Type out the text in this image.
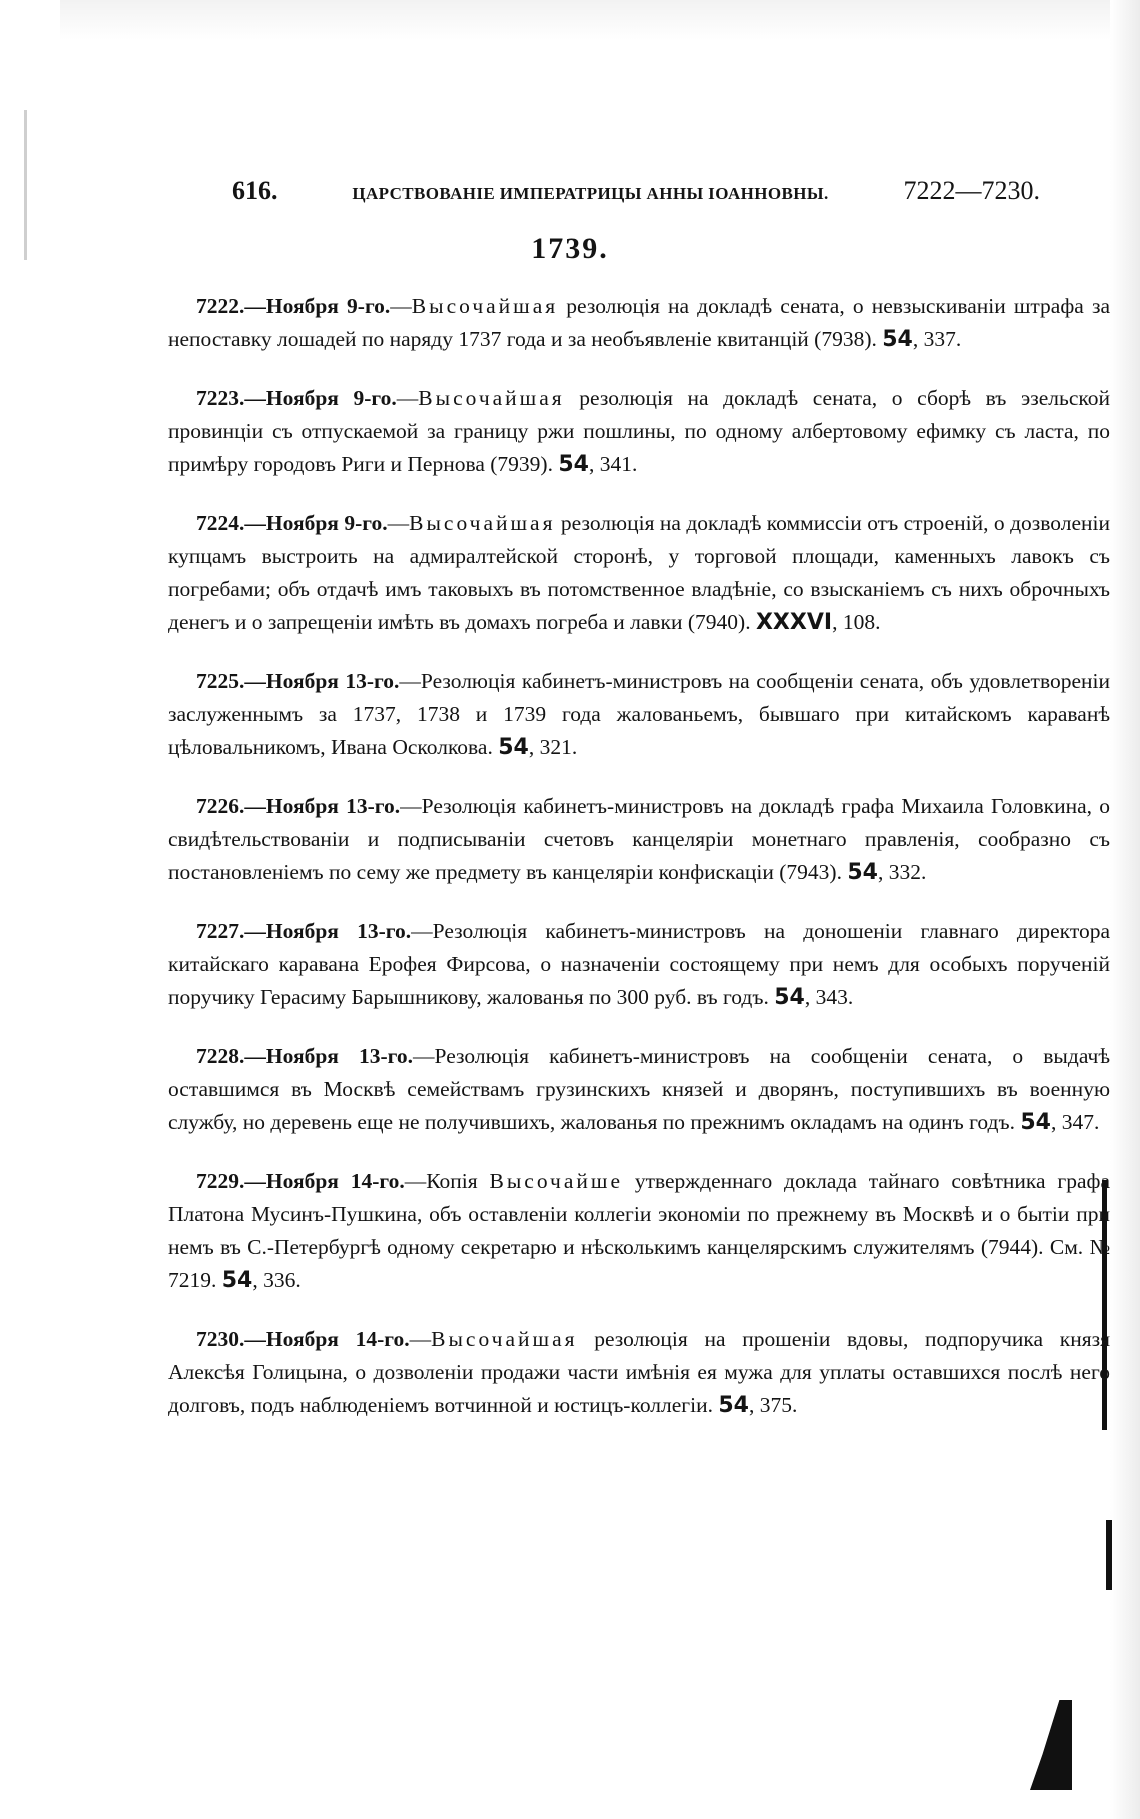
616.	ЦАРСТВОВАНІЕ ИМПЕРАТРИЦЫ АННЫ ІОАННОВНЫ.	7222—7230.
1739.

7222.—Ноября 9-го.—Высочайшая резолюція на докладѣ сената, о невзыскиваніи штрафа за непоставку лошадей по наряду 1737 года и за необъявленіе квитанцій (7938). 54, 337.

7223.—Ноября 9-го.—Высочайшая резолюція на докладѣ сената, о сборѣ въ эзельской провинціи съ отпускаемой за границу ржи пошлины, по одному албертовому ефимку съ ласта, по примѣру городовъ Риги и Пернова (7939). 54, 341.

7224.—Ноября 9-го.—Высочайшая резолюція на докладѣ коммиссіи отъ строеній, о дозволеніи купцамъ выстроить на адмиралтейской сторонѣ, у торговой площади, каменныхъ лавокъ съ погребами; объ отдачѣ имъ таковыхъ въ потомственное владѣніе, со взысканіемъ съ нихъ оброчныхъ денегъ и о запрещеніи имѣть въ домахъ погреба и лавки (7940). XXXVI, 108.

7225.—Ноября 13-го.—Резолюція кабинетъ-министровъ на сообщеніи сената, объ удовлетвореніи заслуженнымъ за 1737, 1738 и 1739 года жалованьемъ, бывшаго при китайскомъ караванѣ цѣловальникомъ, Ивана Осколкова. 54, 321.

7226.—Ноября 13-го.—Резолюція кабинетъ-министровъ на докладѣ графа Михаила Головкина, о свидѣтельствованіи и подписываніи счетовъ канцеляріи монетнаго правленія, сообразно съ постановленіемъ по сему же предмету въ канцеляріи конфискаціи (7943). 54, 332.

7227.—Ноября 13-го.—Резолюція кабинетъ-министровъ на доношеніи главнаго директора китайскаго каравана Ерофея Фирсова, о назначеніи состоящему при немъ для особыхъ порученій поручику Герасиму Барышникову, жалованья по 300 руб. въ годъ. 54, 343.

7228.—Ноября 13-го.—Резолюція кабинетъ-министровъ на сообщеніи сената, о выдачѣ оставшимся въ Москвѣ семействамъ грузинскихъ князей и дворянъ, поступившихъ въ военную службу, но деревень еще не получившихъ, жалованья по прежнимъ окладамъ на одинъ годъ. 54, 347.

7229.—Ноября 14-го.—Копія Высочайше утвержденнаго доклада тайнаго совѣтника графа Платона Мусинъ-Пушкина, объ оставленіи коллегіи экономіи по прежнему въ Москвѣ и о бытіи при немъ въ С.-Петербургѣ одному секретарю и нѣсколькимъ канцелярскимъ служителямъ (7944). См. № 7219. 54, 336.

7230.—Ноября 14-го.—Высочайшая резолюція на прошеніи вдовы, подпоручика князя Алексѣя Голицына, о дозволеніи продажи части имѣнія ея мужа для уплаты оставшихся послѣ него долговъ, подъ наблюденіемъ вотчинной и юстицъ-коллегіи. 54, 375.
